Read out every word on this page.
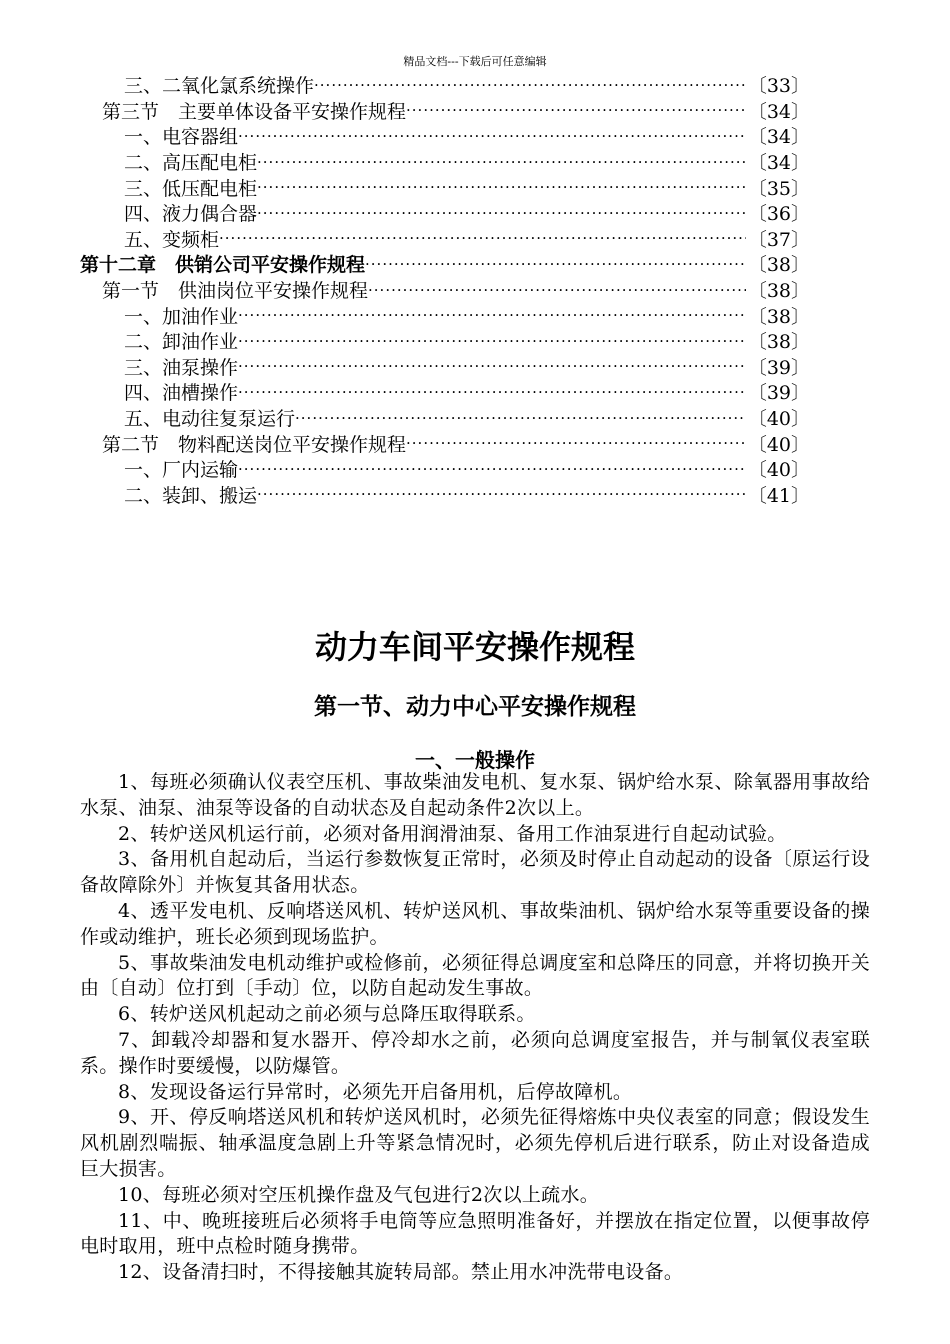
精品文档---下载后可任意编辑
三、二氧化氯系统操作 ·····	〔33〕
第三节　主要单体设备平安操作规程 ·····	〔34〕
一、电容器组 ·····	〔34〕
二、高压配电柜 ·····	〔34〕
三、低压配电柜 ·····	〔35〕
四、液力偶合器 ·····	〔36〕
五、变频柜 ·····	〔37〕
第十二章　供销公司平安操作规程 ·····	〔38〕
第一节　供油岗位平安操作规程 ·····	〔38〕
一、加油作业 ·····	〔38〕
二、卸油作业 ·····	〔38〕
三、油泵操作 ·····	〔39〕
四、油槽操作 ·····	〔39〕
五、电动往复泵运行 ·····	〔40〕
第二节　物料配送岗位平安操作规程 ·····	〔40〕
一、厂内运输 ·····	〔40〕
二、装卸、搬运 ·····	〔41〕
动力车间平安操作规程
第一节、动力中心平安操作规程
一、一般操作

1、每班必须确认仪表空压机、事故柴油发电机、复水泵、锅炉给水泵、除氧器用事故给水泵、油泵、油泵等设备的自动状态及自起动条件2次以上。

2、转炉送风机运行前，必须对备用润滑油泵、备用工作油泵进行自起动试验。

3、备用机自起动后，当运行参数恢复正常时，必须及时停止自动起动的设备〔原运行设备故障除外〕并恢复其备用状态。

4、透平发电机、反响塔送风机、转炉送风机、事故柴油机、锅炉给水泵等重要设备的操作或动维护，班长必须到现场监护。

5、事故柴油发电机动维护或检修前，必须征得总调度室和总降压的同意，并将切换开关由〔自动〕位打到〔手动〕位，以防自起动发生事故。

6、转炉送风机起动之前必须与总降压取得联系。

7、卸载冷却器和复水器开、停冷却水之前，必须向总调度室报告，并与制氧仪表室联系。操作时要缓慢，以防爆管。

8、发现设备运行异常时，必须先开启备用机，后停故障机。

9、开、停反响塔送风机和转炉送风机时，必须先征得熔炼中央仪表室的同意；假设发生风机剧烈喘振、轴承温度急剧上升等紧急情况时，必须先停机后进行联系，防止对设备造成巨大损害。

10、每班必须对空压机操作盘及气包进行2次以上疏水。

11、中、晚班接班后必须将手电筒等应急照明准备好，并摆放在指定位置，以便事故停电时取用，班中点检时随身携带。

12、设备清扫时，不得接触其旋转局部。禁止用水冲洗带电设备。
